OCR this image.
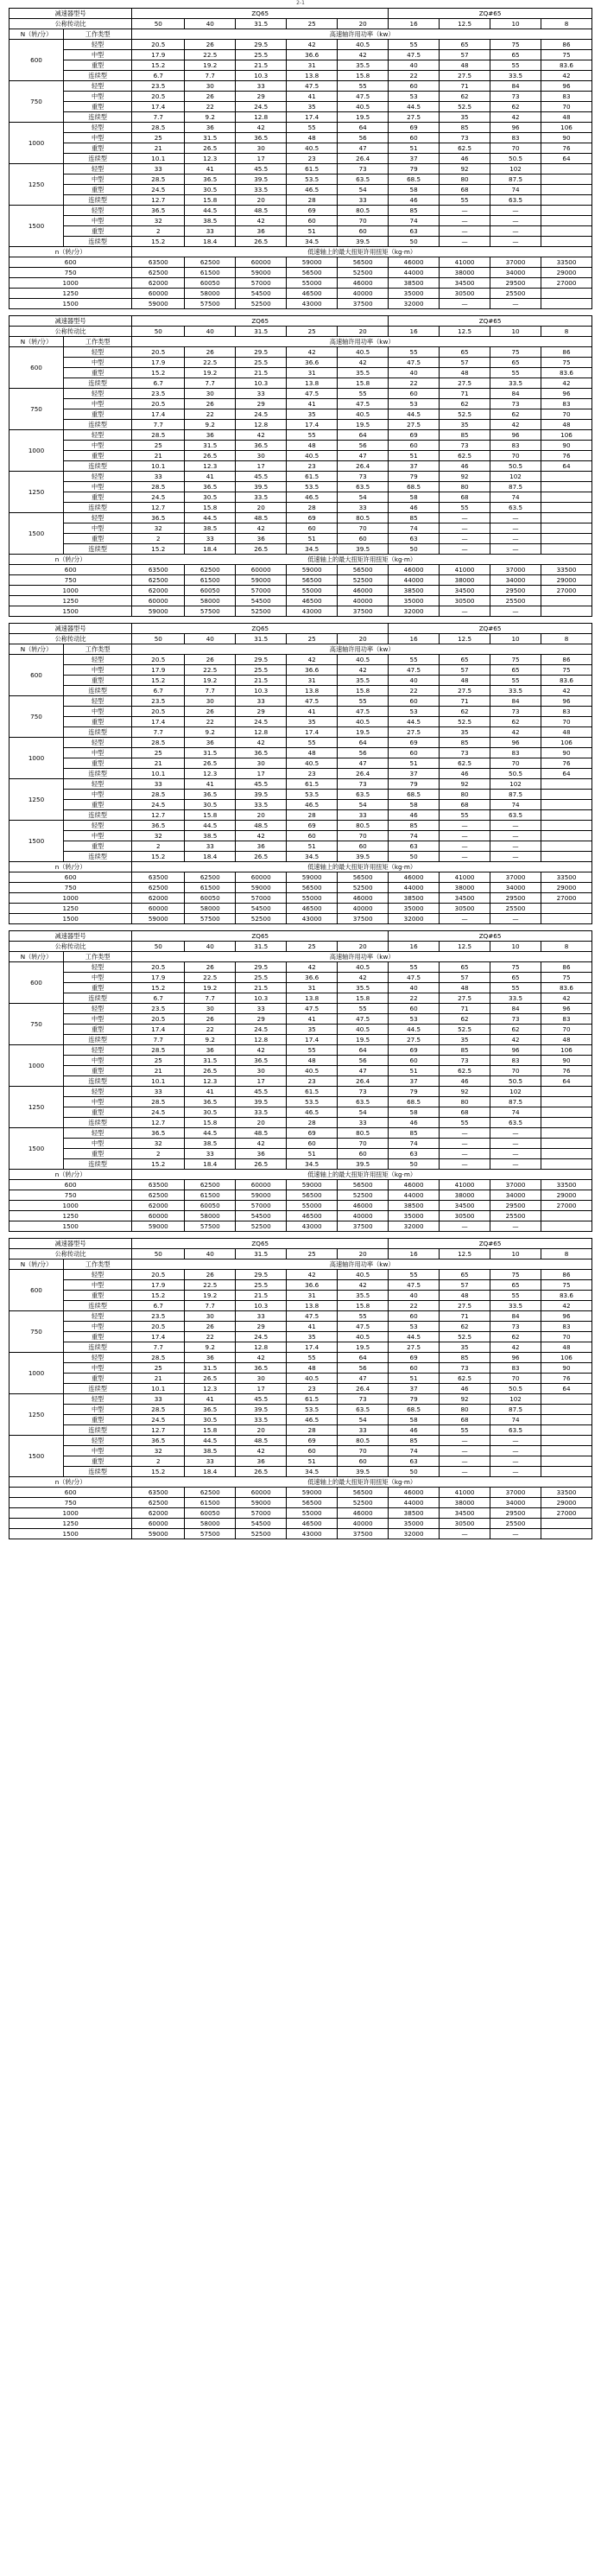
2-1
减速器型号		ZQ65					ZQ#65			
公称传动比		50	40	31.5	25	20	16	12.5	10	8
N（转/分）	工作类型	高速轴许用功率（kw）								
600	轻型	20.5	26	29.5	42	40.5	55	65	75	86
	中型	17.9	22.5	25.5	36.6	42	47.5	57	65	75
	重型	15.2	19.2	21.5	31	35.5	40	48	55	83.6
	连续型	6.7	7.7	10.3	13.8	15.8	22	27.5	33.5	42
750	轻型	23.5	30	33	47.5	55	60	71	84	96
	中型	20.5	26	29	41	47.5	53	62	73	83
	重型	17.4	22	24.5	35	40.5	44.5	52.5	62	70
	连续型	7.7	9.2	12.8	17.4	19.5	27.5	35	42	48
1000	轻型	28.5	36	42	55	64	69	85	96	106
	中型	25	31.5	36.5	48	56	60	73	83	90
	重型	21	26.5	30	40.5	47	51	62.5	70	76
	连续型	10.1	12.3	17	23	26.4	37	46	50.5	64
1250	轻型	33	41	45.5	61.5	73	79	92	102	
	中型	28.5	36.5	39.5	53.5	63.5	68.5	80	87.5	
	重型	24.5	30.5	33.5	46.5	54	58	68	74	
	连续型	12.7	15.8	20	28	33	46	55	63.5	
1500	轻型	36.5	44.5	48.5	69	80.5	85	—	—	
	中型	32	38.5	42	60	70	74	—	—	
	重型	2	33	36	51	60	63	—	—	
	连续型	15.2	18.4	26.5	34.5	39.5	50	—	—	
n（转/分）		低速轴上的最大扭矩许用扭矩（kg·m）								
600		63500	62500	60000	59000	56500	46000	41000	37000	33500
750		62500	61500	59000	56500	52500	44000	38000	34000	29000
1000		62000	60050	57000	55000	46000	38500	34500	29500	27000
1250		60000	58000	54500	46500	40000	35000	30500	25500	
1500		59000	57500	52500	43000	37500	32000	—	—	
减速器型号		ZQ65					ZQ#65			
公称传动比		50	40	31.5	25	20	16	12.5	10	8
N（转/分）	工作类型	高速轴许用功率（kw）								
600	轻型	20.5	26	29.5	42	40.5	55	65	75	86
	中型	17.9	22.5	25.5	36.6	42	47.5	57	65	75
	重型	15.2	19.2	21.5	31	35.5	40	48	55	83.6
	连续型	6.7	7.7	10.3	13.8	15.8	22	27.5	33.5	42
750	轻型	23.5	30	33	47.5	55	60	71	84	96
	中型	20.5	26	29	41	47.5	53	62	73	83
	重型	17.4	22	24.5	35	40.5	44.5	52.5	62	70
	连续型	7.7	9.2	12.8	17.4	19.5	27.5	35	42	48
1000	轻型	28.5	36	42	55	64	69	85	96	106
	中型	25	31.5	36.5	48	56	60	73	83	90
	重型	21	26.5	30	40.5	47	51	62.5	70	76
	连续型	10.1	12.3	17	23	26.4	37	46	50.5	64
1250	轻型	33	41	45.5	61.5	73	79	92	102	
	中型	28.5	36.5	39.5	53.5	63.5	68.5	80	87.5	
	重型	24.5	30.5	33.5	46.5	54	58	68	74	
	连续型	12.7	15.8	20	28	33	46	55	63.5	
1500	轻型	36.5	44.5	48.5	69	80.5	85	—	—	
	中型	32	38.5	42	60	70	74	—	—	
	重型	2	33	36	51	60	63	—	—	
	连续型	15.2	18.4	26.5	34.5	39.5	50	—	—	
n（转/分）		低速轴上的最大扭矩许用扭矩（kg·m）								
600		63500	62500	60000	59000	56500	46000	41000	37000	33500
750		62500	61500	59000	56500	52500	44000	38000	34000	29000
1000		62000	60050	57000	55000	46000	38500	34500	29500	27000
1250		60000	58000	54500	46500	40000	35000	30500	25500	
1500		59000	57500	52500	43000	37500	32000	—	—	
减速器型号		ZQ65					ZQ#65			
公称传动比		50	40	31.5	25	20	16	12.5	10	8
N（转/分）	工作类型	高速轴许用功率（kw）								
600	轻型	20.5	26	29.5	42	40.5	55	65	75	86
	中型	17.9	22.5	25.5	36.6	42	47.5	57	65	75
	重型	15.2	19.2	21.5	31	35.5	40	48	55	83.6
	连续型	6.7	7.7	10.3	13.8	15.8	22	27.5	33.5	42
750	轻型	23.5	30	33	47.5	55	60	71	84	96
	中型	20.5	26	29	41	47.5	53	62	73	83
	重型	17.4	22	24.5	35	40.5	44.5	52.5	62	70
	连续型	7.7	9.2	12.8	17.4	19.5	27.5	35	42	48
1000	轻型	28.5	36	42	55	64	69	85	96	106
	中型	25	31.5	36.5	48	56	60	73	83	90
	重型	21	26.5	30	40.5	47	51	62.5	70	76
	连续型	10.1	12.3	17	23	26.4	37	46	50.5	64
1250	轻型	33	41	45.5	61.5	73	79	92	102	
	中型	28.5	36.5	39.5	53.5	63.5	68.5	80	87.5	
	重型	24.5	30.5	33.5	46.5	54	58	68	74	
	连续型	12.7	15.8	20	28	33	46	55	63.5	
1500	轻型	36.5	44.5	48.5	69	80.5	85	—	—	
	中型	32	38.5	42	60	70	74	—	—	
	重型	2	33	36	51	60	63	—	—	
	连续型	15.2	18.4	26.5	34.5	39.5	50	—	—	
n（转/分）		低速轴上的最大扭矩许用扭矩（kg·m）								
600		63500	62500	60000	59000	56500	46000	41000	37000	33500
750		62500	61500	59000	56500	52500	44000	38000	34000	29000
1000		62000	60050	57000	55000	46000	38500	34500	29500	27000
1250		60000	58000	54500	46500	40000	35000	30500	25500	
1500		59000	57500	52500	43000	37500	32000	—	—	
减速器型号		ZQ65					ZQ#65			
公称传动比		50	40	31.5	25	20	16	12.5	10	8
N（转/分）	工作类型	高速轴许用功率（kw）								
600	轻型	20.5	26	29.5	42	40.5	55	65	75	86
	中型	17.9	22.5	25.5	36.6	42	47.5	57	65	75
	重型	15.2	19.2	21.5	31	35.5	40	48	55	83.6
	连续型	6.7	7.7	10.3	13.8	15.8	22	27.5	33.5	42
750	轻型	23.5	30	33	47.5	55	60	71	84	96
	中型	20.5	26	29	41	47.5	53	62	73	83
	重型	17.4	22	24.5	35	40.5	44.5	52.5	62	70
	连续型	7.7	9.2	12.8	17.4	19.5	27.5	35	42	48
1000	轻型	28.5	36	42	55	64	69	85	96	106
	中型	25	31.5	36.5	48	56	60	73	83	90
	重型	21	26.5	30	40.5	47	51	62.5	70	76
	连续型	10.1	12.3	17	23	26.4	37	46	50.5	64
1250	轻型	33	41	45.5	61.5	73	79	92	102	
	中型	28.5	36.5	39.5	53.5	63.5	68.5	80	87.5	
	重型	24.5	30.5	33.5	46.5	54	58	68	74	
	连续型	12.7	15.8	20	28	33	46	55	63.5	
1500	轻型	36.5	44.5	48.5	69	80.5	85	—	—	
	中型	32	38.5	42	60	70	74	—	—	
	重型	2	33	36	51	60	63	—	—	
	连续型	15.2	18.4	26.5	34.5	39.5	50	—	—	
n（转/分）		低速轴上的最大扭矩许用扭矩（kg·m）								
600		63500	62500	60000	59000	56500	46000	41000	37000	33500
750		62500	61500	59000	56500	52500	44000	38000	34000	29000
1000		62000	60050	57000	55000	46000	38500	34500	29500	27000
1250		60000	58000	54500	46500	40000	35000	30500	25500	
1500		59000	57500	52500	43000	37500	32000	—	—	
减速器型号		ZQ65					ZQ#65			
公称传动比		50	40	31.5	25	20	16	12.5	10	8
N（转/分）	工作类型	高速轴许用功率（kw）								
600	轻型	20.5	26	29.5	42	40.5	55	65	75	86
	中型	17.9	22.5	25.5	36.6	42	47.5	57	65	75
	重型	15.2	19.2	21.5	31	35.5	40	48	55	83.6
	连续型	6.7	7.7	10.3	13.8	15.8	22	27.5	33.5	42
750	轻型	23.5	30	33	47.5	55	60	71	84	96
	中型	20.5	26	29	41	47.5	53	62	73	83
	重型	17.4	22	24.5	35	40.5	44.5	52.5	62	70
	连续型	7.7	9.2	12.8	17.4	19.5	27.5	35	42	48
1000	轻型	28.5	36	42	55	64	69	85	96	106
	中型	25	31.5	36.5	48	56	60	73	83	90
	重型	21	26.5	30	40.5	47	51	62.5	70	76
	连续型	10.1	12.3	17	23	26.4	37	46	50.5	64
1250	轻型	33	41	45.5	61.5	73	79	92	102	
	中型	28.5	36.5	39.5	53.5	63.5	68.5	80	87.5	
	重型	24.5	30.5	33.5	46.5	54	58	68	74	
	连续型	12.7	15.8	20	28	33	46	55	63.5	
1500	轻型	36.5	44.5	48.5	69	80.5	85	—	—	
	中型	32	38.5	42	60	70	74	—	—	
	重型	2	33	36	51	60	63	—	—	
	连续型	15.2	18.4	26.5	34.5	39.5	50	—	—	
n（转/分）		低速轴上的最大扭矩许用扭矩（kg·m）								
600		63500	62500	60000	59000	56500	46000	41000	37000	33500
750		62500	61500	59000	56500	52500	44000	38000	34000	29000
1000		62000	60050	57000	55000	46000	38500	34500	29500	27000
1250		60000	58000	54500	46500	40000	35000	30500	25500	
1500		59000	57500	52500	43000	37500	32000	—	—	
